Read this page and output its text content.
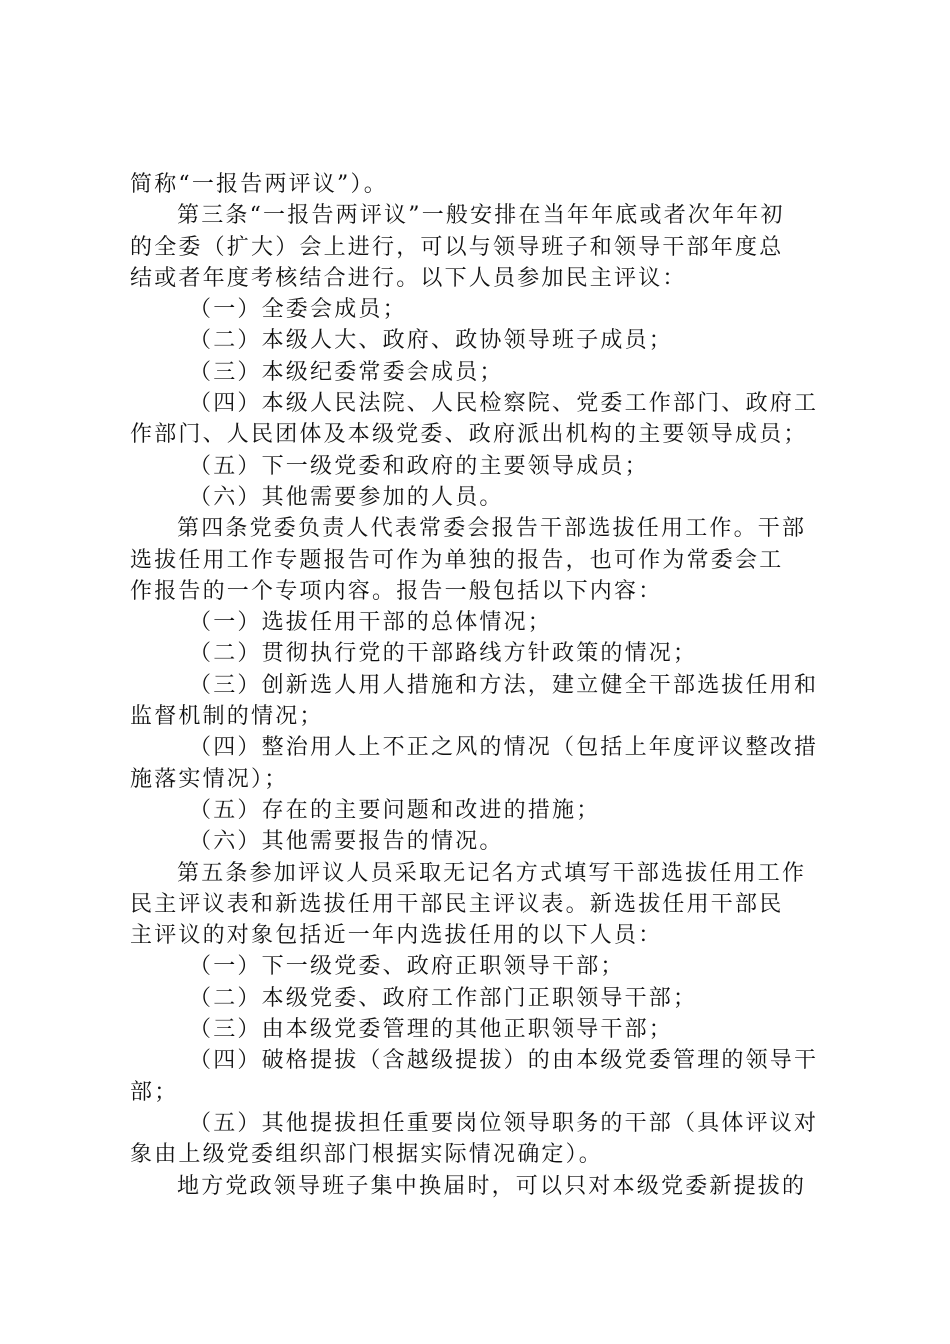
简称“一报告两评议”）。
第三条“一报告两评议”一般安排在当年年底或者次年年初
的全委（扩大）会上进行，可以与领导班子和领导干部年度总
结或者年度考核结合进行。以下人员参加民主评议：
（一）全委会成员；
（二）本级人大、政府、政协领导班子成员；
（三）本级纪委常委会成员；
（四）本级人民法院、人民检察院、党委工作部门、政府工
作部门、人民团体及本级党委、政府派出机构的主要领导成员；
（五）下一级党委和政府的主要领导成员；
（六）其他需要参加的人员。
第四条党委负责人代表常委会报告干部选拔任用工作。干部
选拔任用工作专题报告可作为单独的报告，也可作为常委会工
作报告的一个专项内容。报告一般包括以下内容：
（一）选拔任用干部的总体情况；
（二）贯彻执行党的干部路线方针政策的情况；
（三）创新选人用人措施和方法，建立健全干部选拔任用和
监督机制的情况；
（四）整治用人上不正之风的情况（包括上年度评议整改措
施落实情况）；
（五）存在的主要问题和改进的措施；
（六）其他需要报告的情况。
第五条参加评议人员采取无记名方式填写干部选拔任用工作
民主评议表和新选拔任用干部民主评议表。新选拔任用干部民
主评议的对象包括近一年内选拔任用的以下人员：
（一）下一级党委、政府正职领导干部；
（二）本级党委、政府工作部门正职领导干部；
（三）由本级党委管理的其他正职领导干部；
（四）破格提拔（含越级提拔）的由本级党委管理的领导干
部；
（五）其他提拔担任重要岗位领导职务的干部（具体评议对
象由上级党委组织部门根据实际情况确定）。
地方党政领导班子集中换届时，可以只对本级党委新提拔的
